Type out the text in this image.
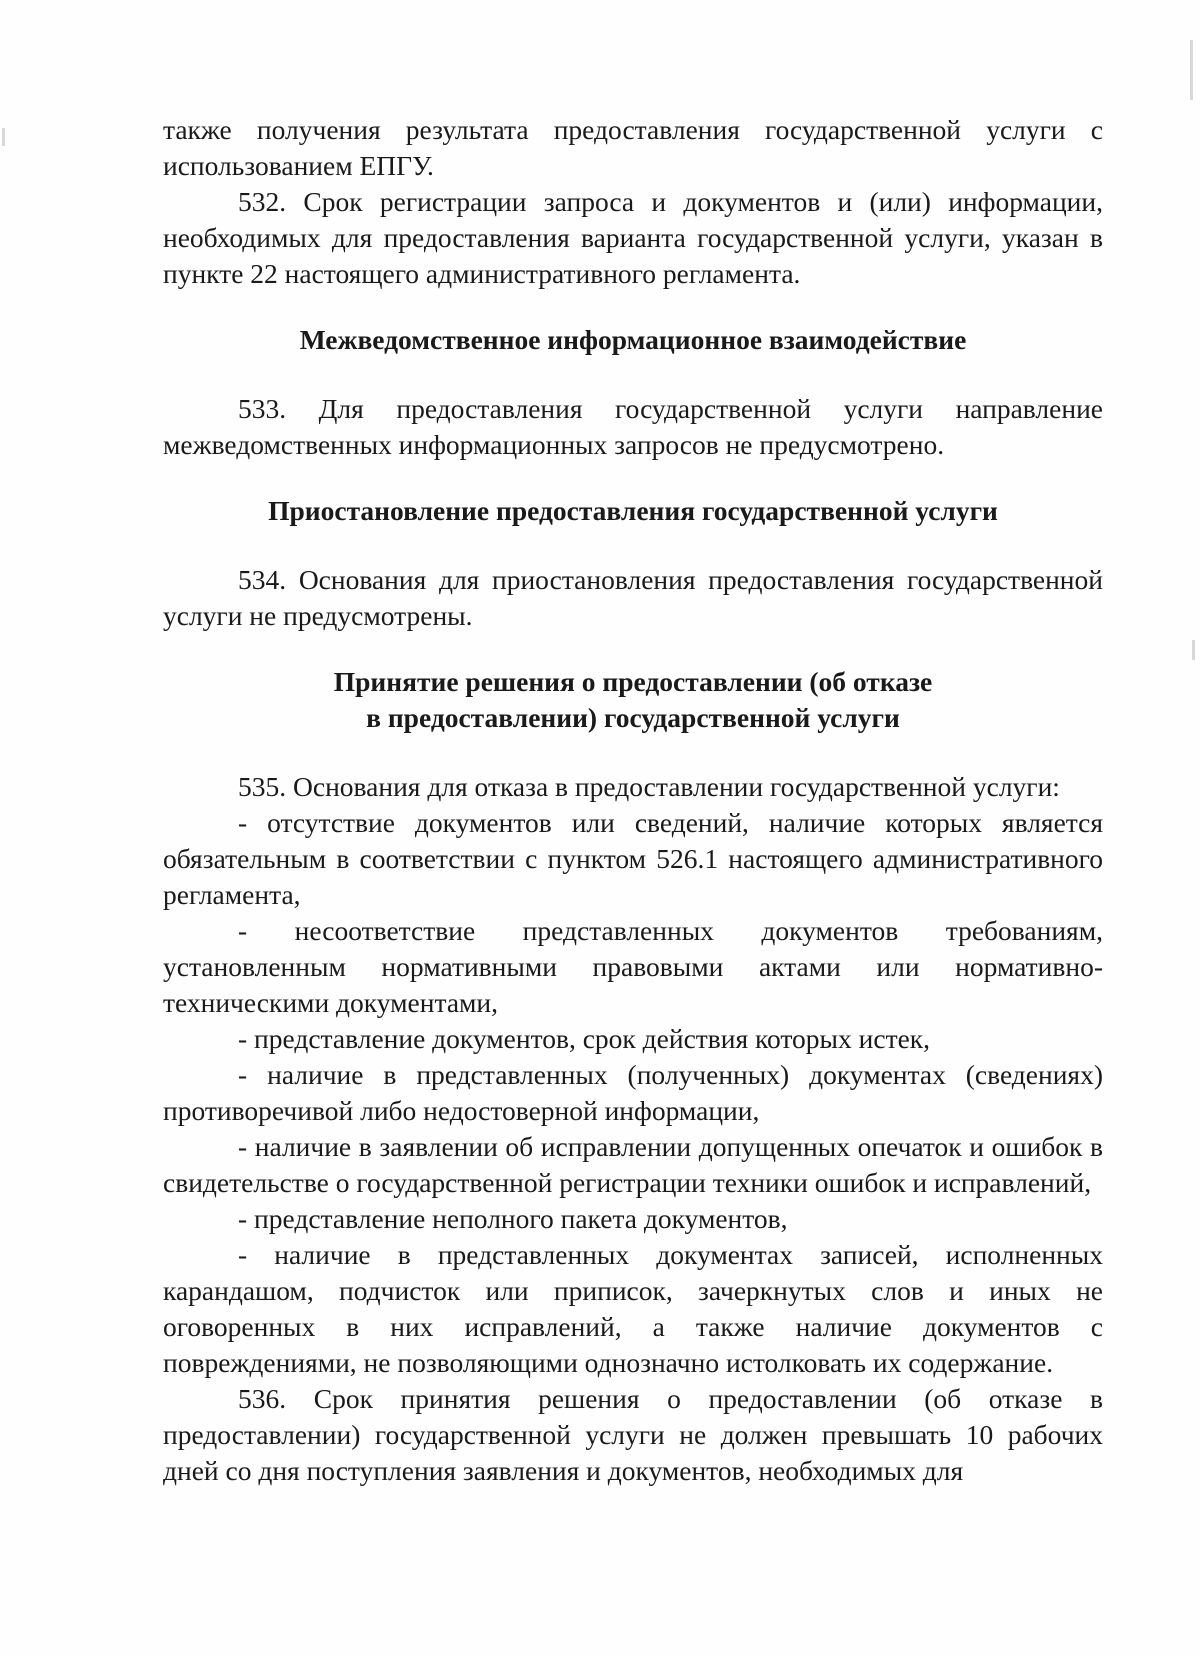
также получения результата предоставления государственной услуги с использованием ЕПГУ.

532. Срок регистрации запроса и документов и (или) информации, необходимых для предоставления варианта государственной услуги, указан в пункте 22 настоящего административного регламента.

Межведомственное информационное взаимодействие

533. Для предоставления государственной услуги направление межведомственных информационных запросов не предусмотрено.

Приостановление предоставления государственной услуги

534. Основания для приостановления предоставления государственной услуги не предусмотрены.

Принятие решения о предоставлении (об отказе

в предоставлении) государственной услуги

535. Основания для отказа в предоставлении государственной услуги:

- отсутствие документов или сведений, наличие которых является обязательным в соответствии с пунктом 526.1 настоящего административного регламента,

- несоответствие представленных документов требованиям, установленным нормативными правовыми актами или нормативно-техническими документами,

- представление документов, срок действия которых истек,

- наличие в представленных (полученных) документах (сведениях) противоречивой либо недостоверной информации,

- наличие в заявлении об исправлении допущенных опечаток и ошибок в свидетельстве о государственной регистрации техники ошибок и исправлений,

- представление неполного пакета документов,

- наличие в представленных документах записей, исполненных карандашом, подчисток или приписок, зачеркнутых слов и иных не оговоренных в них исправлений, а также наличие документов с повреждениями, не позволяющими однозначно истолковать их содержание.

536. Срок принятия решения о предоставлении (об отказе в предоставлении) государственной услуги не должен превышать 10 рабочих дней со дня поступления заявления и документов, необходимых для
